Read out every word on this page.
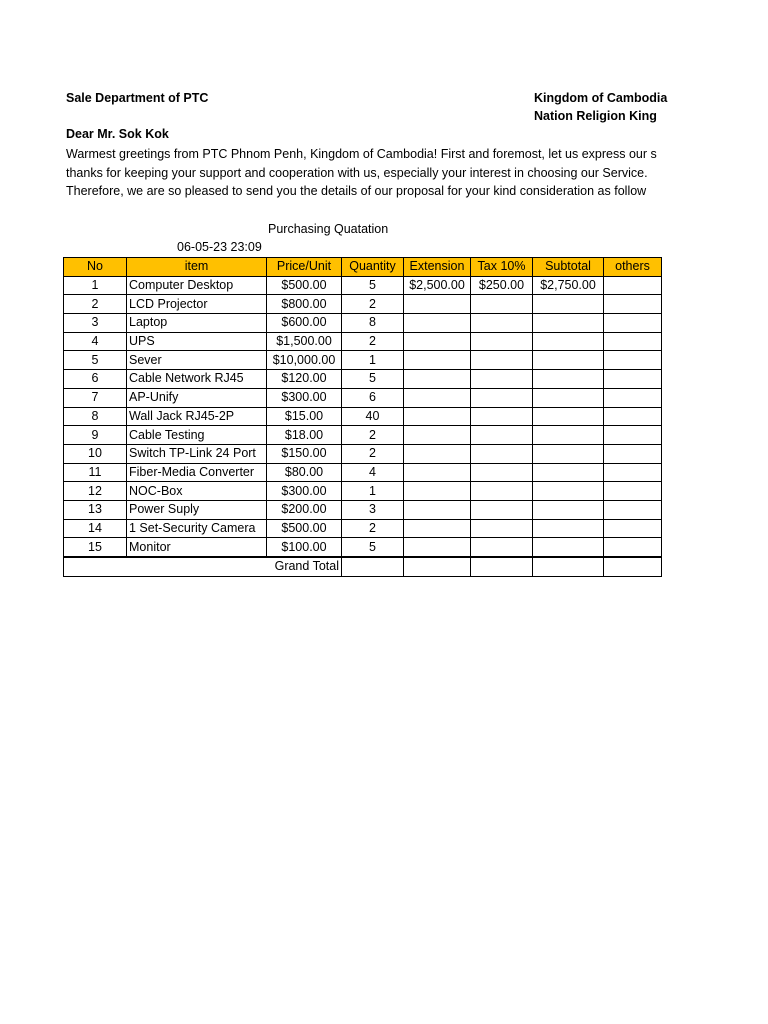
Sale Department of PTC	Kingdom of Cambodia
Nation Religion King
Dear Mr. Sok Kok
Warmest greetings from PTC Phnom Penh, Kingdom of Cambodia! First and foremost, let us express our s
thanks for keeping your support and cooperation with us, especially your interest in choosing our Service.
Therefore, we are so pleased to send you the details of our proposal for your kind consideration as follow
Purchasing Quatation
06-05-23 23:09
No	item	Price/Unit	Quantity	Extension	Tax 10%	Subtotal	others
1	Computer Desktop	$500.00	5	$2,500.00	$250.00	$2,750.00	
2	LCD Projector	$800.00	2				
3	Laptop	$600.00	8				
4	UPS	$1,500.00	2				
5	Sever	$10,000.00	1				
6	Cable Network RJ45	$120.00	5				
7	AP-Unify	$300.00	6				
8	Wall Jack RJ45-2P	$15.00	40				
9	Cable Testing	$18.00	2				
10	Switch TP-Link 24 Port	$150.00	2				
11	Fiber-Media Converter	$80.00	4				
12	NOC-Box	$300.00	1				
13	Power Suply	$200.00	3				
14	1 Set-Security Camera	$500.00	2				
15	Monitor	$100.00	5				
		Grand Total					
